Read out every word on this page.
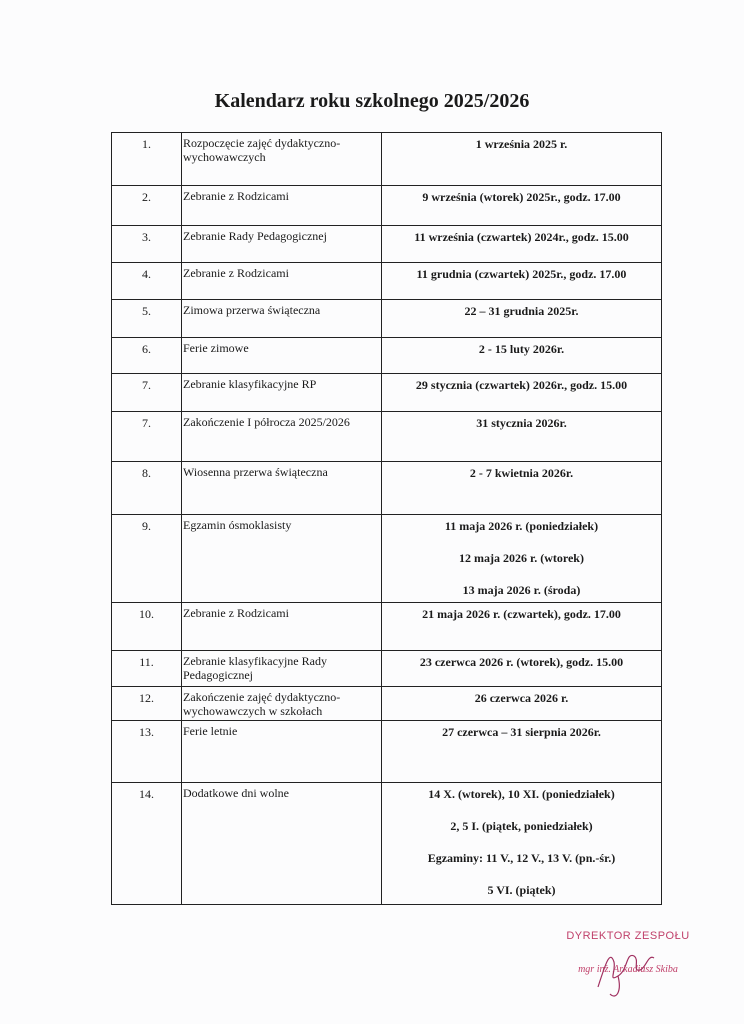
Kalendarz roku szkolnego 2025/2026
1.	Rozpoczęcie zajęć dydaktyczno-wychowawczych	1 września 2025 r.

2.	Zebranie z Rodzicami	9 września (wtorek) 2025r., godz. 17.00

3.	Zebranie Rady Pedagogicznej	11 września (czwartek) 2024r., godz. 15.00

4.	Zebranie z Rodzicami	11 grudnia (czwartek) 2025r., godz. 17.00

5.	Zimowa przerwa świąteczna	22 – 31 grudnia 2025r.

6.	Ferie zimowe	2 - 15 luty 2026r.

7.	Zebranie klasyfikacyjne RP	29 stycznia (czwartek) 2026r., godz. 15.00

7.	Zakończenie I półrocza 2025/2026	31 stycznia 2026r.

8.	Wiosenna przerwa świąteczna	2 - 7 kwietnia 2026r.

9.	Egzamin ósmoklasisty	11 maja 2026 r. (poniedziałek)
12 maja 2026 r. (wtorek)
13 maja 2026 r. (środa)

10.	Zebranie z Rodzicami	21 maja 2026 r. (czwartek), godz. 17.00

11.	Zebranie klasyfikacyjne Rady Pedagogicznej	23 czerwca 2026 r. (wtorek), godz. 15.00

12.	Zakończenie zajęć dydaktyczno-wychowawczych w szkołach	26 czerwca 2026 r.

13.	Ferie letnie	27 czerwca – 31 sierpnia 2026r.

14.	Dodatkowe dni wolne	14 X. (wtorek), 10 XI. (poniedziałek)
2, 5 I. (piątek, poniedziałek)
Egzaminy: 11 V., 12 V., 13 V. (pn.-śr.)
5 VI. (piątek)
DYREKTOR ZESPOŁU
mgr inż. Arkadiusz Skiba
